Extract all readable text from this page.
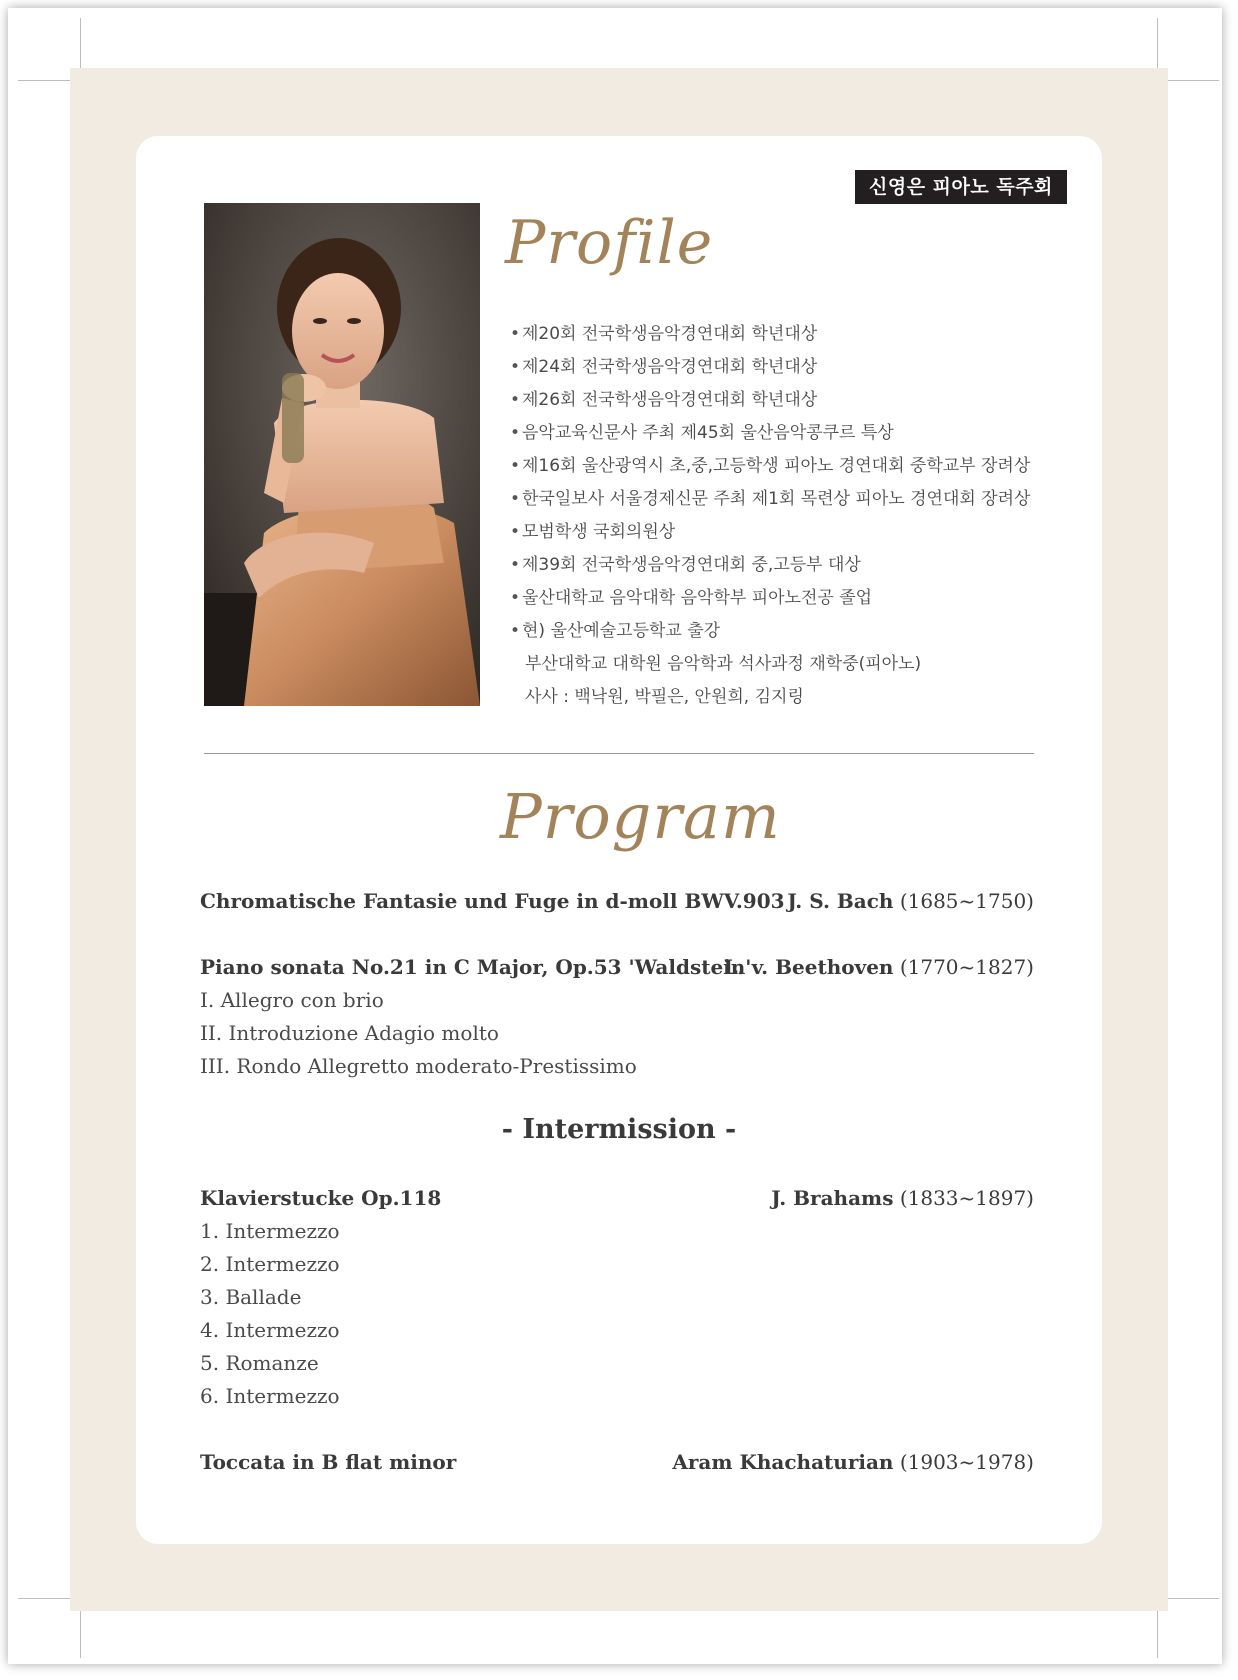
신영은 피아노 독주회
Profile
• 제20회 전국학생음악경연대회 학년대상
• 제24회 전국학생음악경연대회 학년대상
• 제26회 전국학생음악경연대회 학년대상
• 음악교육신문사 주최 제45회 울산음악콩쿠르 특상
• 제16회 울산광역시 초,중,고등학생 피아노 경연대회 중학교부 장려상
• 한국일보사 서울경제신문 주최 제1회 목련상 피아노 경연대회 장려상
• 모범학생 국회의원상
• 제39회 전국학생음악경연대회 중,고등부 대상
• 울산대학교 음악대학 음악학부 피아노전공 졸업
• 현) 울산예술고등학교 출강
부산대학교 대학원 음악학과 석사과정 재학중(피아노)
사사 : 백낙원, 박필은, 안원희, 김지링
Program
Chromatische Fantasie und Fuge in d-moll BWV.903 J. S. Bach (1685~1750)
Piano sonata No.21 in C Major, Op.53 'Waldstein'
L. v. Beethoven (1770~1827)
I. Allegro con brio
II. Introduzione Adagio molto
III. Rondo Allegretto moderato-Prestissimo
- Intermission -
Klavierstucke Op.118	J. Brahams (1833~1897)
1. Intermezzo
2. Intermezzo
3. Ballade
4. Intermezzo
5. Romanze
6. Intermezzo
Toccata in B flat minor	Aram Khachaturian (1903~1978)
